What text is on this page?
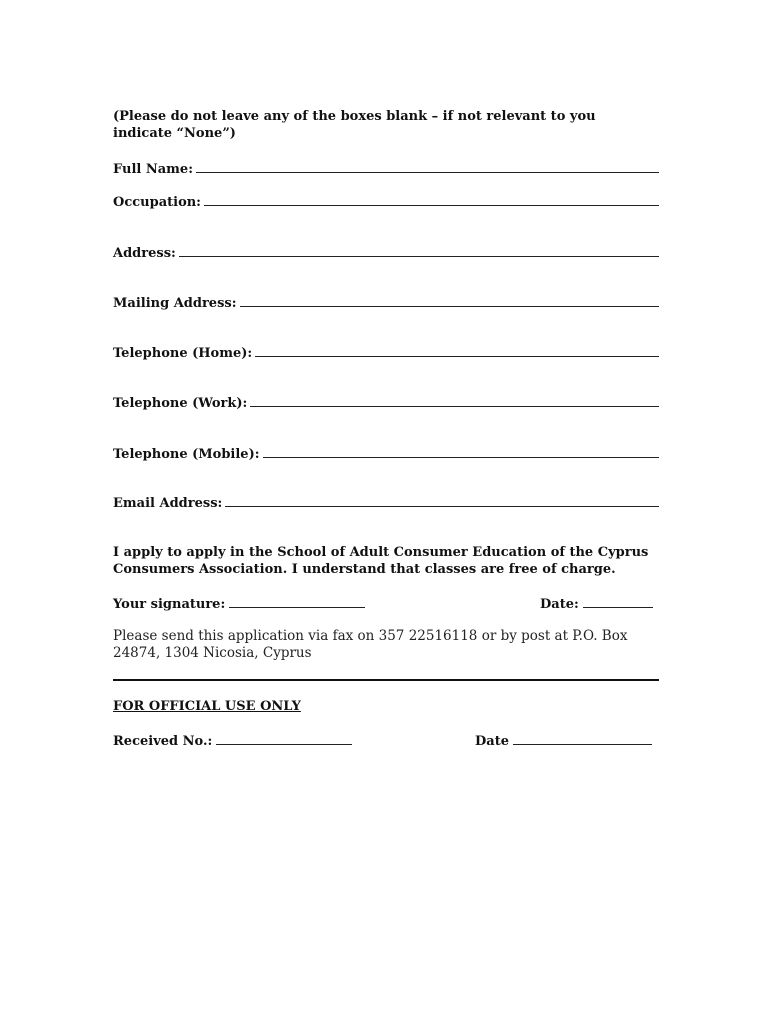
(Please do not leave any of the boxes blank – if not relevant to you indicate “None”)

Full Name:
Occupation:
Address:
Mailing Address:
Telephone (Home):
Telephone (Work):
Telephone (Mobile):
Email Address:

I apply to apply in the School of Adult Consumer Education of the Cyprus Consumers Association. I understand that classes are free of charge.

Your signature:	Date:

Please send this application via fax on 357 22516118 or by post at P.O. Box 24874, 1304 Nicosia, Cyprus

FOR OFFICIAL USE ONLY

Received No.:	Date
